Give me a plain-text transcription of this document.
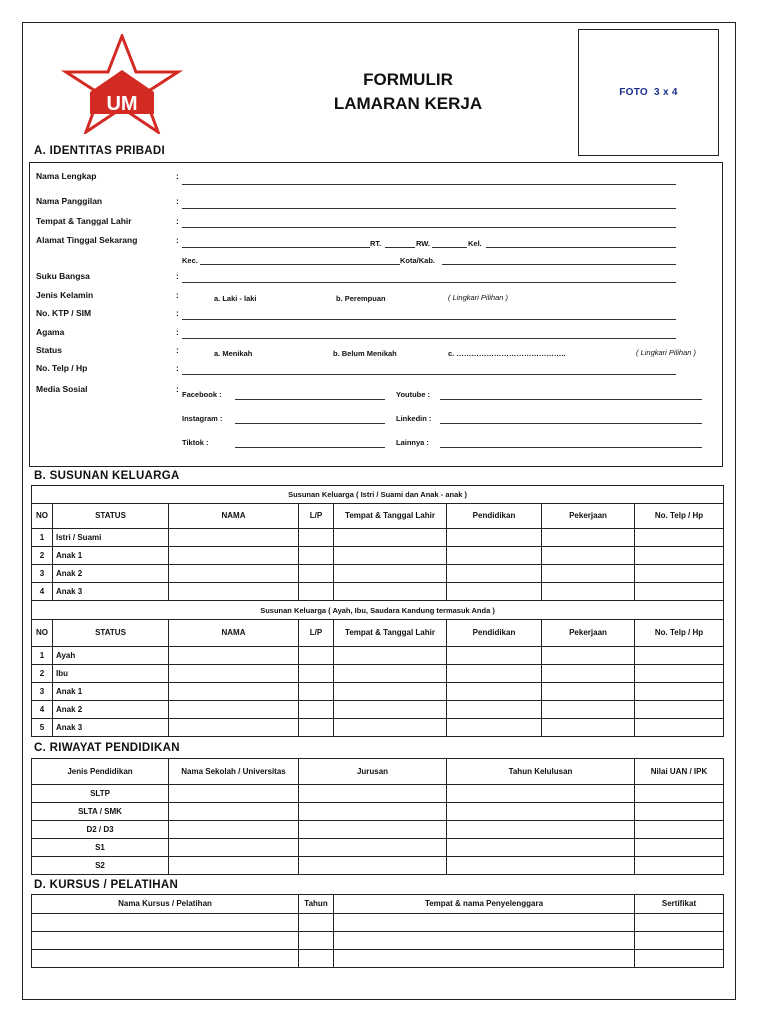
UM
FORMULIR
LAMARAN KERJA
FOTO 3 x 4
A. IDENTITAS PRIBADI
Nama Lengkap	:
Nama Panggilan	:
Tempat & Tanggal Lahir	:
Alamat Tinggal Sekarang	:	RT.	RW.	Kel.
Kec.	Kota/Kab.
Suku Bangsa	:
Jenis Kelamin	:	a. Laki - laki	b. Perempuan	( Lingkari Pilihan )
No. KTP / SIM	:
Agama	:
Status	:	a. Menikah	b. Belum Menikah	c. ……………………………………..	( Lingkari Pilihan )
No. Telp / Hp	:
Media Sosial	:
Facebook :	Youtube :
Instagram :	Linkedin :
Tiktok :	Lainnya :
B. SUSUNAN KELUARGA
Susunan Keluarga ( Istri / Suami dan Anak - anak )							
NO	STATUS	NAMA	L/P	Tempat & Tanggal Lahir	Pendidikan	Pekerjaan	No. Telp / Hp
1	Istri / Suami						
2	Anak 1						
3	Anak 2						
4	Anak 3						
Susunan Keluarga ( Ayah, Ibu, Saudara Kandung termasuk Anda )							
NO	STATUS	NAMA	L/P	Tempat & Tanggal Lahir	Pendidikan	Pekerjaan	No. Telp / Hp
1	Ayah						
2	Ibu						
3	Anak 1						
4	Anak 2						
5	Anak 3						
C. RIWAYAT PENDIDIKAN
Jenis Pendidikan	Nama Sekolah / Universitas	Jurusan	Tahun Kelulusan	Nilai UAN / IPK
SLTP				
SLTA / SMK				
D2 / D3				
S1				
S2				
D. KURSUS / PELATIHAN
Nama Kursus / Pelatihan	Tahun	Tempat & nama Penyelenggara	Sertifikat
